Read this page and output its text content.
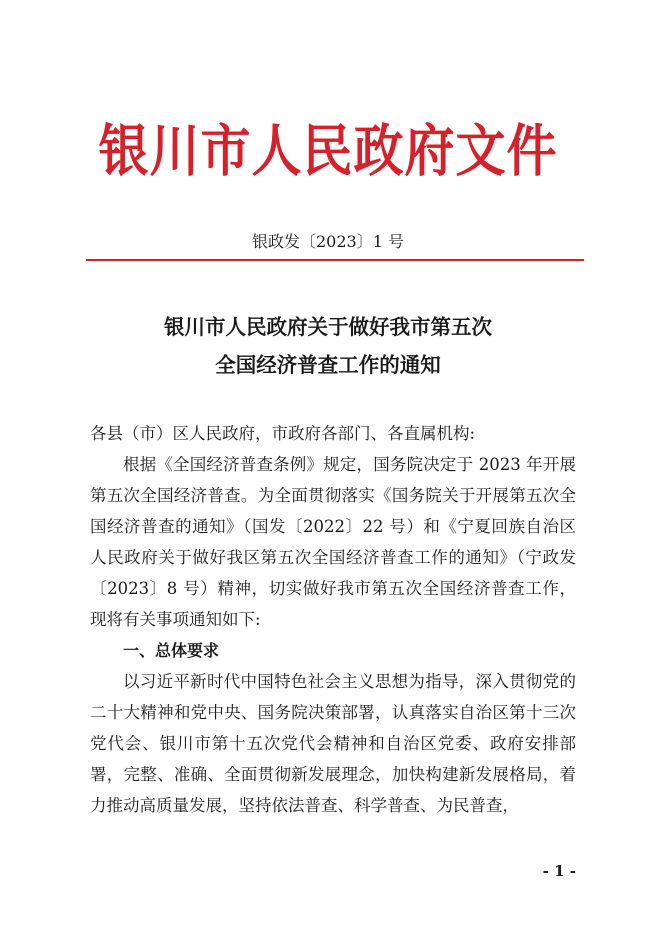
银川市人民政府文件
银政发〔2023〕1 号
银川市人民政府关于做好我市第五次
全国经济普查工作的通知

各县（市）区人民政府，市政府各部门、各直属机构:

根据《全国经济普查条例》规定，国务院决定于 2023 年开展第五次全国经济普查。为全面贯彻落实《国务院关于开展第五次全国经济普查的通知》（国发〔2022〕22 号）和《宁夏回族自治区人民政府关于做好我区第五次全国经济普查工作的通知》（宁政发〔2023〕8 号）精神，切实做好我市第五次全国经济普查工作，现将有关事项通知如下:

一、总体要求

以习近平新时代中国特色社会主义思想为指导，深入贯彻党的二十大精神和党中央、国务院决策部署，认真落实自治区第十三次党代会、银川市第十五次党代会精神和自治区党委、政府安排部署，完整、准确、全面贯彻新发展理念，加快构建新发展格局，着力推动高质量发展，坚持依法普查、科学普查、为民普查，

- 1 -
